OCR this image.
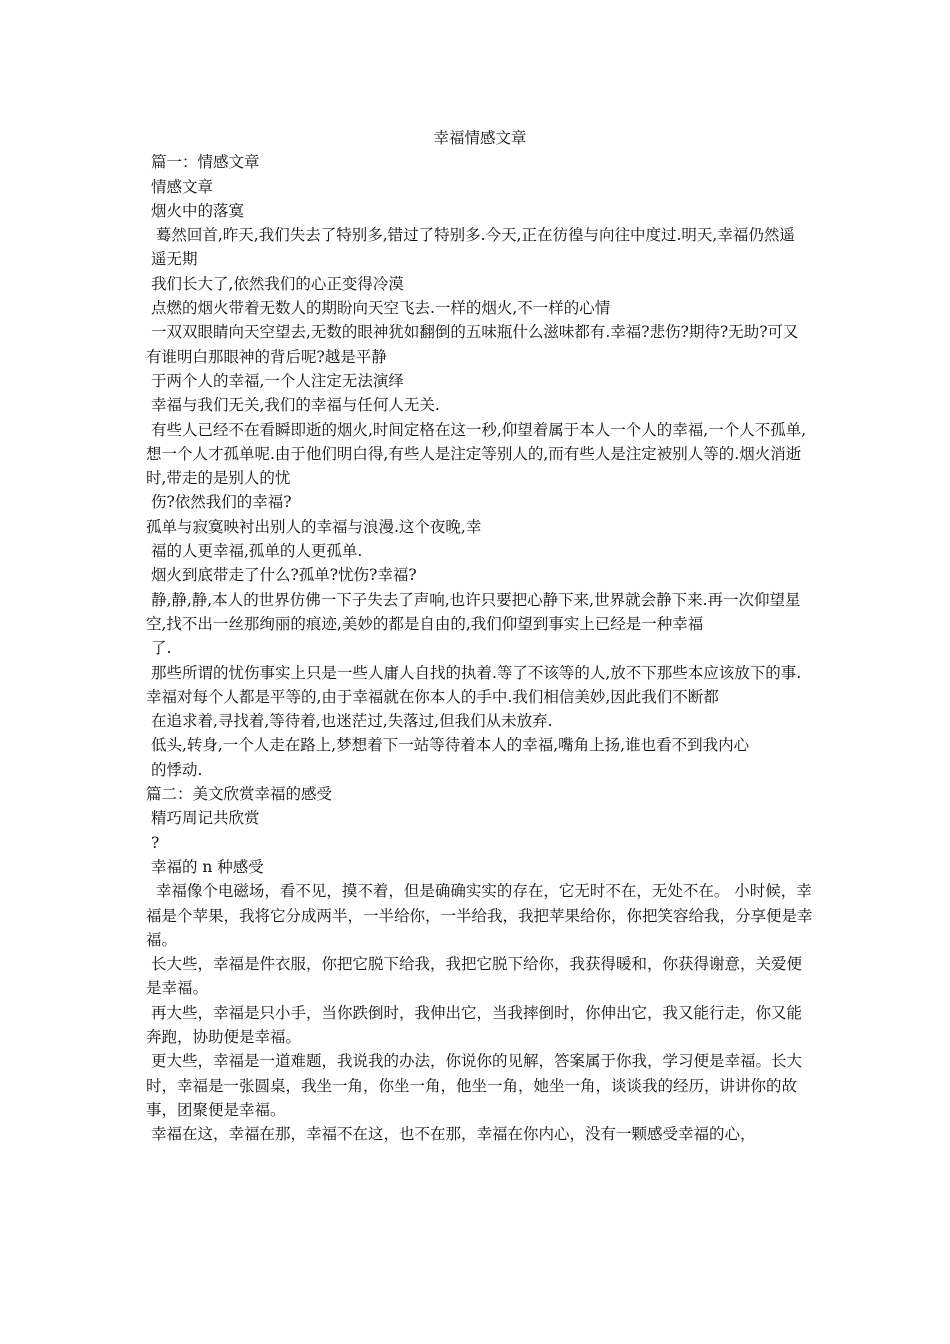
幸福情感文章

篇一：情感文章

情感文章

烟火中的落寞

蓦然回首,昨天,我们失去了特别多,错过了特别多.今天,正在彷徨与向往中度过.明天,幸福仍然遥

遥无期

我们长大了,依然我们的心正变得冷漠

点燃的烟火带着无数人的期盼向天空飞去.一样的烟火,不一样的心情

一双双眼睛向天空望去,无数的眼神犹如翻倒的五味瓶什么滋味都有.幸福?悲伤?期待?无助?可又有谁明白那眼神的背后呢?越是平静

于两个人的幸福,一个人注定无法演绎

幸福与我们无关,我们的幸福与任何人无关.

有些人已经不在看瞬即逝的烟火,时间定格在这一秒,仰望着属于本人一个人的幸福,一个人不孤单,想一个人才孤单呢.由于他们明白得,有些人是注定等别人的,而有些人是注定被别人等的.烟火消逝时,带走的是别人的忧

伤?依然我们的幸福?

孤单与寂寞映衬出别人的幸福与浪漫.这个夜晚,幸

福的人更幸福,孤单的人更孤单.

烟火到底带走了什么?孤单?忧伤?幸福?

静,静,静,本人的世界仿佛一下子失去了声响,也许只要把心静下来,世界就会静下来.再一次仰望星空,找不出一丝那绚丽的痕迹,美妙的都是自由的,我们仰望到事实上已经是一种幸福

了.

那些所谓的忧伤事实上只是一些人庸人自找的执着.等了不该等的人,放不下那些本应该放下的事.幸福对每个人都是平等的,由于幸福就在你本人的手中.我们相信美妙,因此我们不断都

在追求着,寻找着,等待着,也迷茫过,失落过,但我们从未放弃.

低头,转身,一个人走在路上,梦想着下一站等待着本人的幸福,嘴角上扬,谁也看不到我内心

的悸动.

篇二：美文欣赏幸福的感受

精巧周记共欣赏

?

幸福的 n 种感受

幸福像个电磁场，看不见，摸不着，但是确确实实的存在，它无时不在，无处不在。 小时候，幸福是个苹果，我将它分成两半，一半给你，一半给我，我把苹果给你，你把笑容给我，分享便是幸福。

长大些，幸福是件衣服，你把它脱下给我，我把它脱下给你，我获得暖和，你获得谢意，关爱便是幸福。

再大些，幸福是只小手，当你跌倒时，我伸出它，当我摔倒时，你伸出它，我又能行走，你又能奔跑，协助便是幸福。

更大些，幸福是一道难题，我说我的办法，你说你的见解，答案属于你我，学习便是幸福。长大时，幸福是一张圆桌，我坐一角，你坐一角，他坐一角，她坐一角，谈谈我的经历，讲讲你的故事，团聚便是幸福。

幸福在这，幸福在那，幸福不在这，也不在那，幸福在你内心，没有一颗感受幸福的心，
